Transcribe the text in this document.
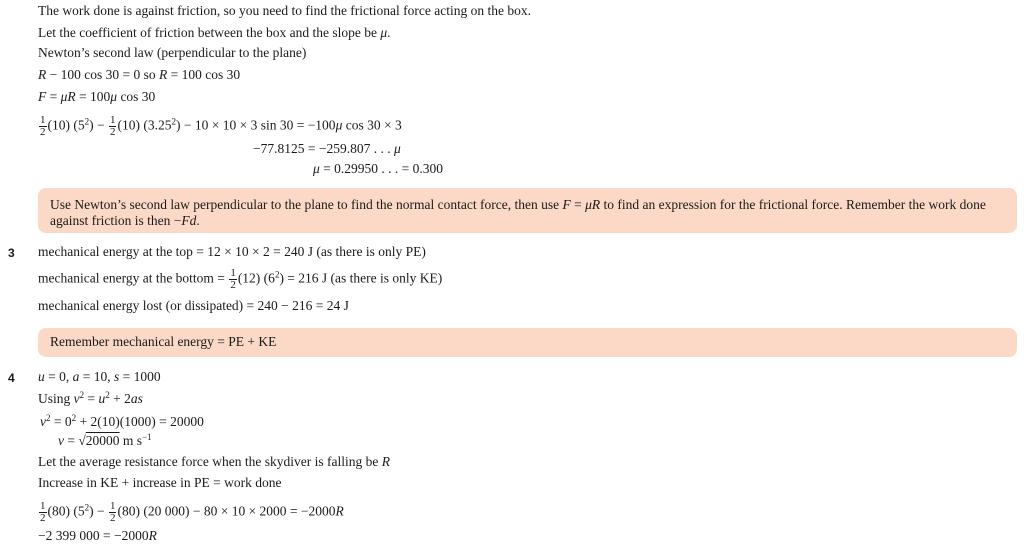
The work done is against friction, so you need to find the frictional force acting on the box.
Let the coefficient of friction between the box and the slope be μ.
Newton’s second law (perpendicular to the plane)
R − 100 cos 30 = 0 so R = 100 cos 30
F = μR = 100μ cos 30
$\frac{1}{2} (10) (5^2) - \frac{1}{2} (10) (3.25^2) - 10 \times 10 \times 3$ sin 30 = −100μ cos 30 × 3
−77.8125 = −259.807 . . . μ
μ = 0.29950 . . . = 0.300
Use Newton’s second law perpendicular to the plane to find the normal contact force, then use F = μR to find an expression for the frictional force. Remember the work done against friction is then −Fd.
3 mechanical energy at the top = 12 × 10 × 2 = 240 J (as there is only PE)
mechanical energy at the bottom = $\frac{1}{2} (12) (6^2) = 216$ J (as there is only KE)
mechanical energy lost (or dissipated) = 240 − 216 = 24 J
Remember mechanical energy = PE + KE
4 u = 0, a = 10, s = 1000
Using $v^2 = u^2 + 2as$
$v^2 = 0^2 + 2(10)(1000) = 20000$
v = √20000 m $s^{-1}$
Let the average resistance force when the skydiver is falling be R
Increase in KE + increase in PE = work done
$\frac{1}{2} (80) (5^2) - \frac{1}{2} (80)$ (20 000) − 80 × 10 × 2000 = −2000R
−2 399 000 = −2000R
